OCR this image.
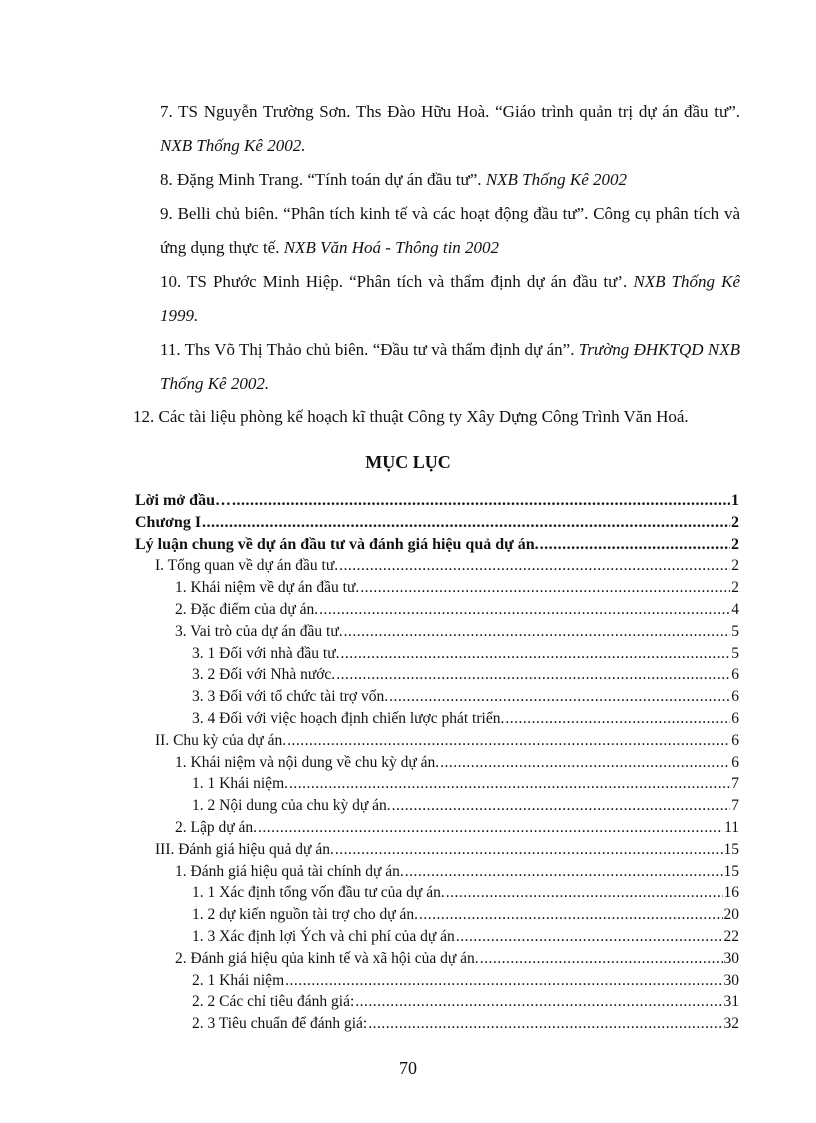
7. TS Nguyễn Trường Sơn. Ths Đào Hữu Hoà. “Giáo trình quản trị dự án đầu tư”. NXB Thống Kê 2002.

8. Đặng Minh Trang. “Tính toán dự án đầu tư”. NXB Thống Kê 2002

9. Belli chủ biên. “Phân tích kinh tế và các hoạt động đầu tư”. Công cụ phân tích và ứng dụng thực tế. NXB Văn Hoá - Thông tin 2002

10. TS Phước Minh Hiệp. “Phân tích và thẩm định dự án đầu tư’. NXB Thống Kê 1999.

11. Ths Võ Thị Thảo chủ biên. “Đầu tư và thẩm định dự án”. Trường ĐHKTQD NXB Thống Kê 2002.

12. Các tài liệu phòng kế hoạch kĩ thuật Công ty Xây Dựng Công Trình Văn Hoá.

MỤC LỤC

Lời mở đầu… .....	1
Chương I .....	2
Lý luận chung về dự án đầu tư và đánh giá hiệu quả dự án. .....	2
I. Tổng quan về dự án đầu tư. .....	2
1. Khái niệm về dự án đầu tư. .....	2
2. Đặc điểm của dự án. .....	4
3. Vai trò của dự án đầu tư. .....	5
3. 1 Đối với nhà đầu tư. .....	5
3. 2 Đối với Nhà nước. .....	6
3. 3 Đối với tổ chức tài trợ vốn. .....	6
3. 4 Đối với việc hoạch định chiến lược phát triển. .....	6
II. Chu kỳ của dự án. .....	6
1. Khái niệm và nội dung về chu kỳ dự án. .....	6
1. 1 Khái niệm. .....	7
1. 2 Nội dung của chu kỳ dự án. .....	7
2. Lập dự án. .....	11
III. Đánh giá hiệu quả dự án. .....	15
1. Đánh giá hiệu quả tài chính dự án. .....	15
1. 1 Xác định tổng vốn đầu tư của dự án. .....	16
1. 2 dự kiến nguồn tài trợ cho dự án. .....	20
1. 3 Xác định lợi Ých và chi phí của dự án .....	22
2. Đánh giá hiệu qủa kinh tế và xã hội của dự án. .....	30
2. 1 Khái niệm .....	30
2. 2 Các chỉ tiêu đánh giá: .....	31
2. 3 Tiêu chuẩn để đánh giá: .....	32
70
